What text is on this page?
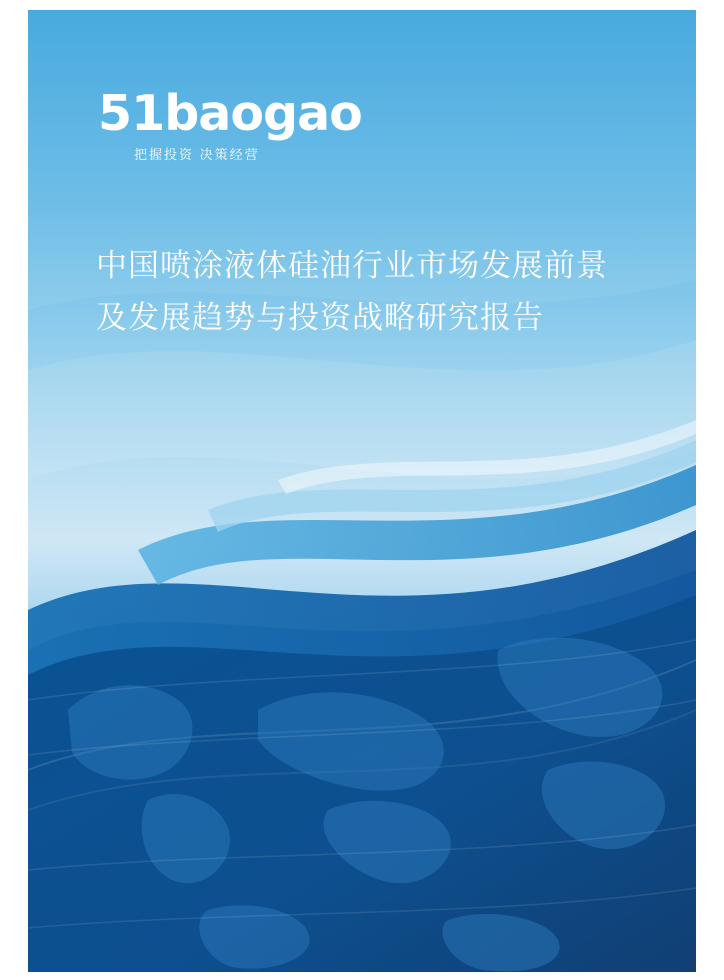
51baogao
把握投资 决策经营
中国喷涂液体硅油行业市场发展前景
及发展趋势与投资战略研究报告
